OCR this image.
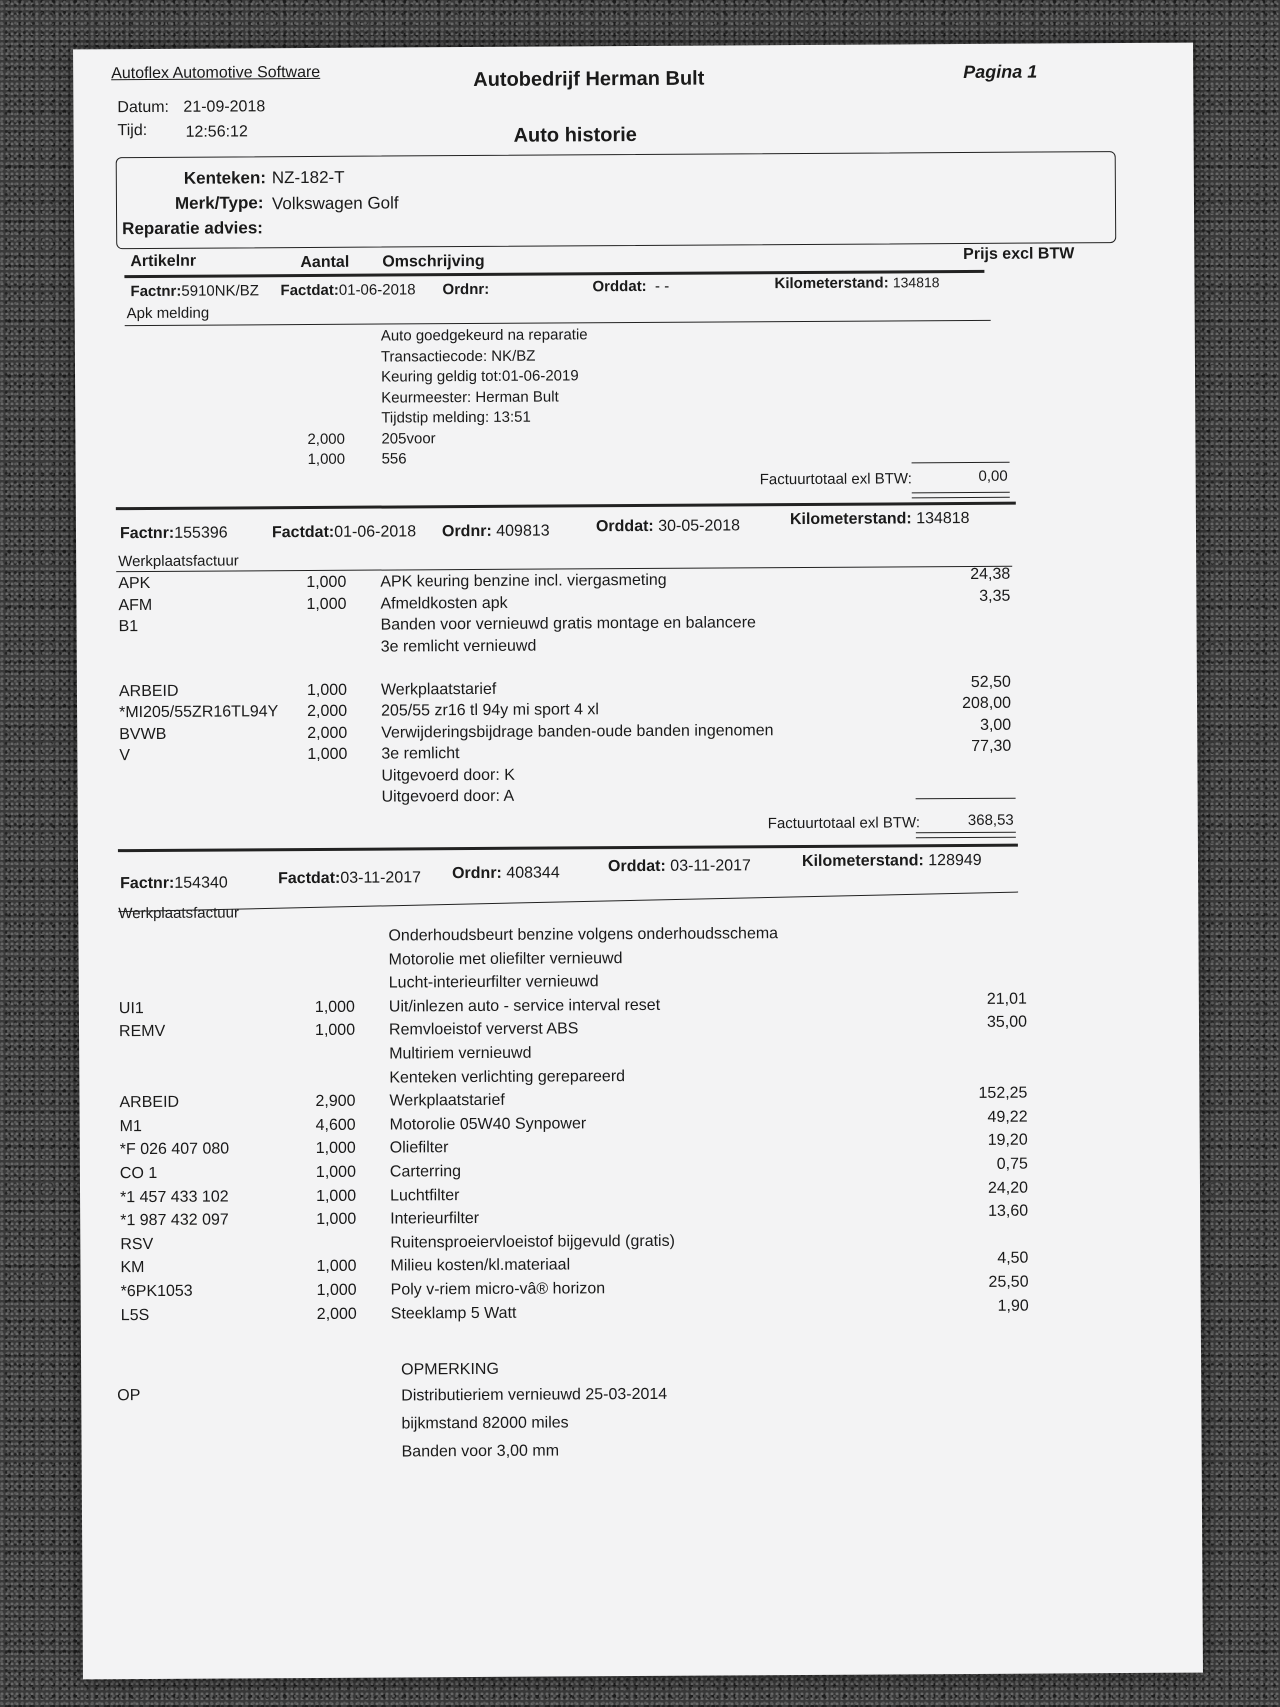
Autoflex Automotive Software	Autobedrijf Herman Bult	Pagina 1
Datum: 21-09-2018
Tijd: 12:56:12	Auto historie
Kenteken: NZ-182-T
Merk/Type: Volkswagen Golf
Reparatie advies:
Artikelnr	Aantal Omschrijving	Prijs excl BTW
Factnr:5910NK/BZ Factdat:01-06-2018 Ordnr:	Orddat: - -	Kilometerstand: 134818
Apk melding
Auto goedgekeurd na reparatie
Transactiecode: NK/BZ
Keuring geldig tot:01-06-2019
Keurmeester: Herman Bult
Tijdstip melding: 13:51
2,000 205voor
1,000 556
Factuurtotaal exl BTW:	0,00
Factnr:155396	Factdat:01-06-2018 Ordnr: 409813	Orddat: 30-05-2018	Kilometerstand: 134818
Werkplaatsfactuur
APK	1,000 APK keuring benzine incl. viergasmeting	24,38
AFM	1,000 Afmeldkosten apk	3,35
B1	Banden voor vernieuwd gratis montage en balancere
3e remlicht vernieuwd
ARBEID	1,000 Werkplaatstarief	52,50
*MI205/55ZR16TL94Y 2,000 205/55 zr16 tl 94y mi sport 4 xl	208,00
BVWB	2,000 Verwijderingsbijdrage banden-oude banden ingenomen	3,00
V	1,000 3e remlicht	77,30
Uitgevoerd door: K
Uitgevoerd door: A
Factuurtotaal exl BTW:	368,53
Factnr:154340	Factdat:03-11-2017 Ordnr: 408344	Orddat: 03-11-2017	Kilometerstand: 128949
Werkplaatsfactuur
Onderhoudsbeurt benzine volgens onderhoudsschema
Motorolie met oliefilter vernieuwd
Lucht-interieurfilter vernieuwd
UI1	1,000 Uit/inlezen auto - service interval reset	21,01
REMV	1,000 Remvloeistof ververst ABS	35,00
Multiriem vernieuwd
Kenteken verlichting gerepareerd
ARBEID	2,900 Werkplaatstarief	152,25
M1	4,600 Motorolie 05W40 Synpower	49,22
*F 026 407 080	1,000 Oliefilter	19,20
CO 1	1,000 Carterring	0,75
*1 457 433 102	1,000 Luchtfilter	24,20
*1 987 432 097	1,000 Interieurfilter	13,60
RSV	Ruitensproeiervloeistof bijgevuld (gratis)
KM	1,000 Milieu kosten/kl.materiaal	4,50
*6PK1053	1,000 Poly v-riem micro-vâ® horizon	25,50
L5S	2,000 Steeklamp 5 Watt	1,90
OP
OPMERKING
Distributieriem vernieuwd 25-03-2014
bijkmstand 82000 miles
Banden voor 3,00 mm
